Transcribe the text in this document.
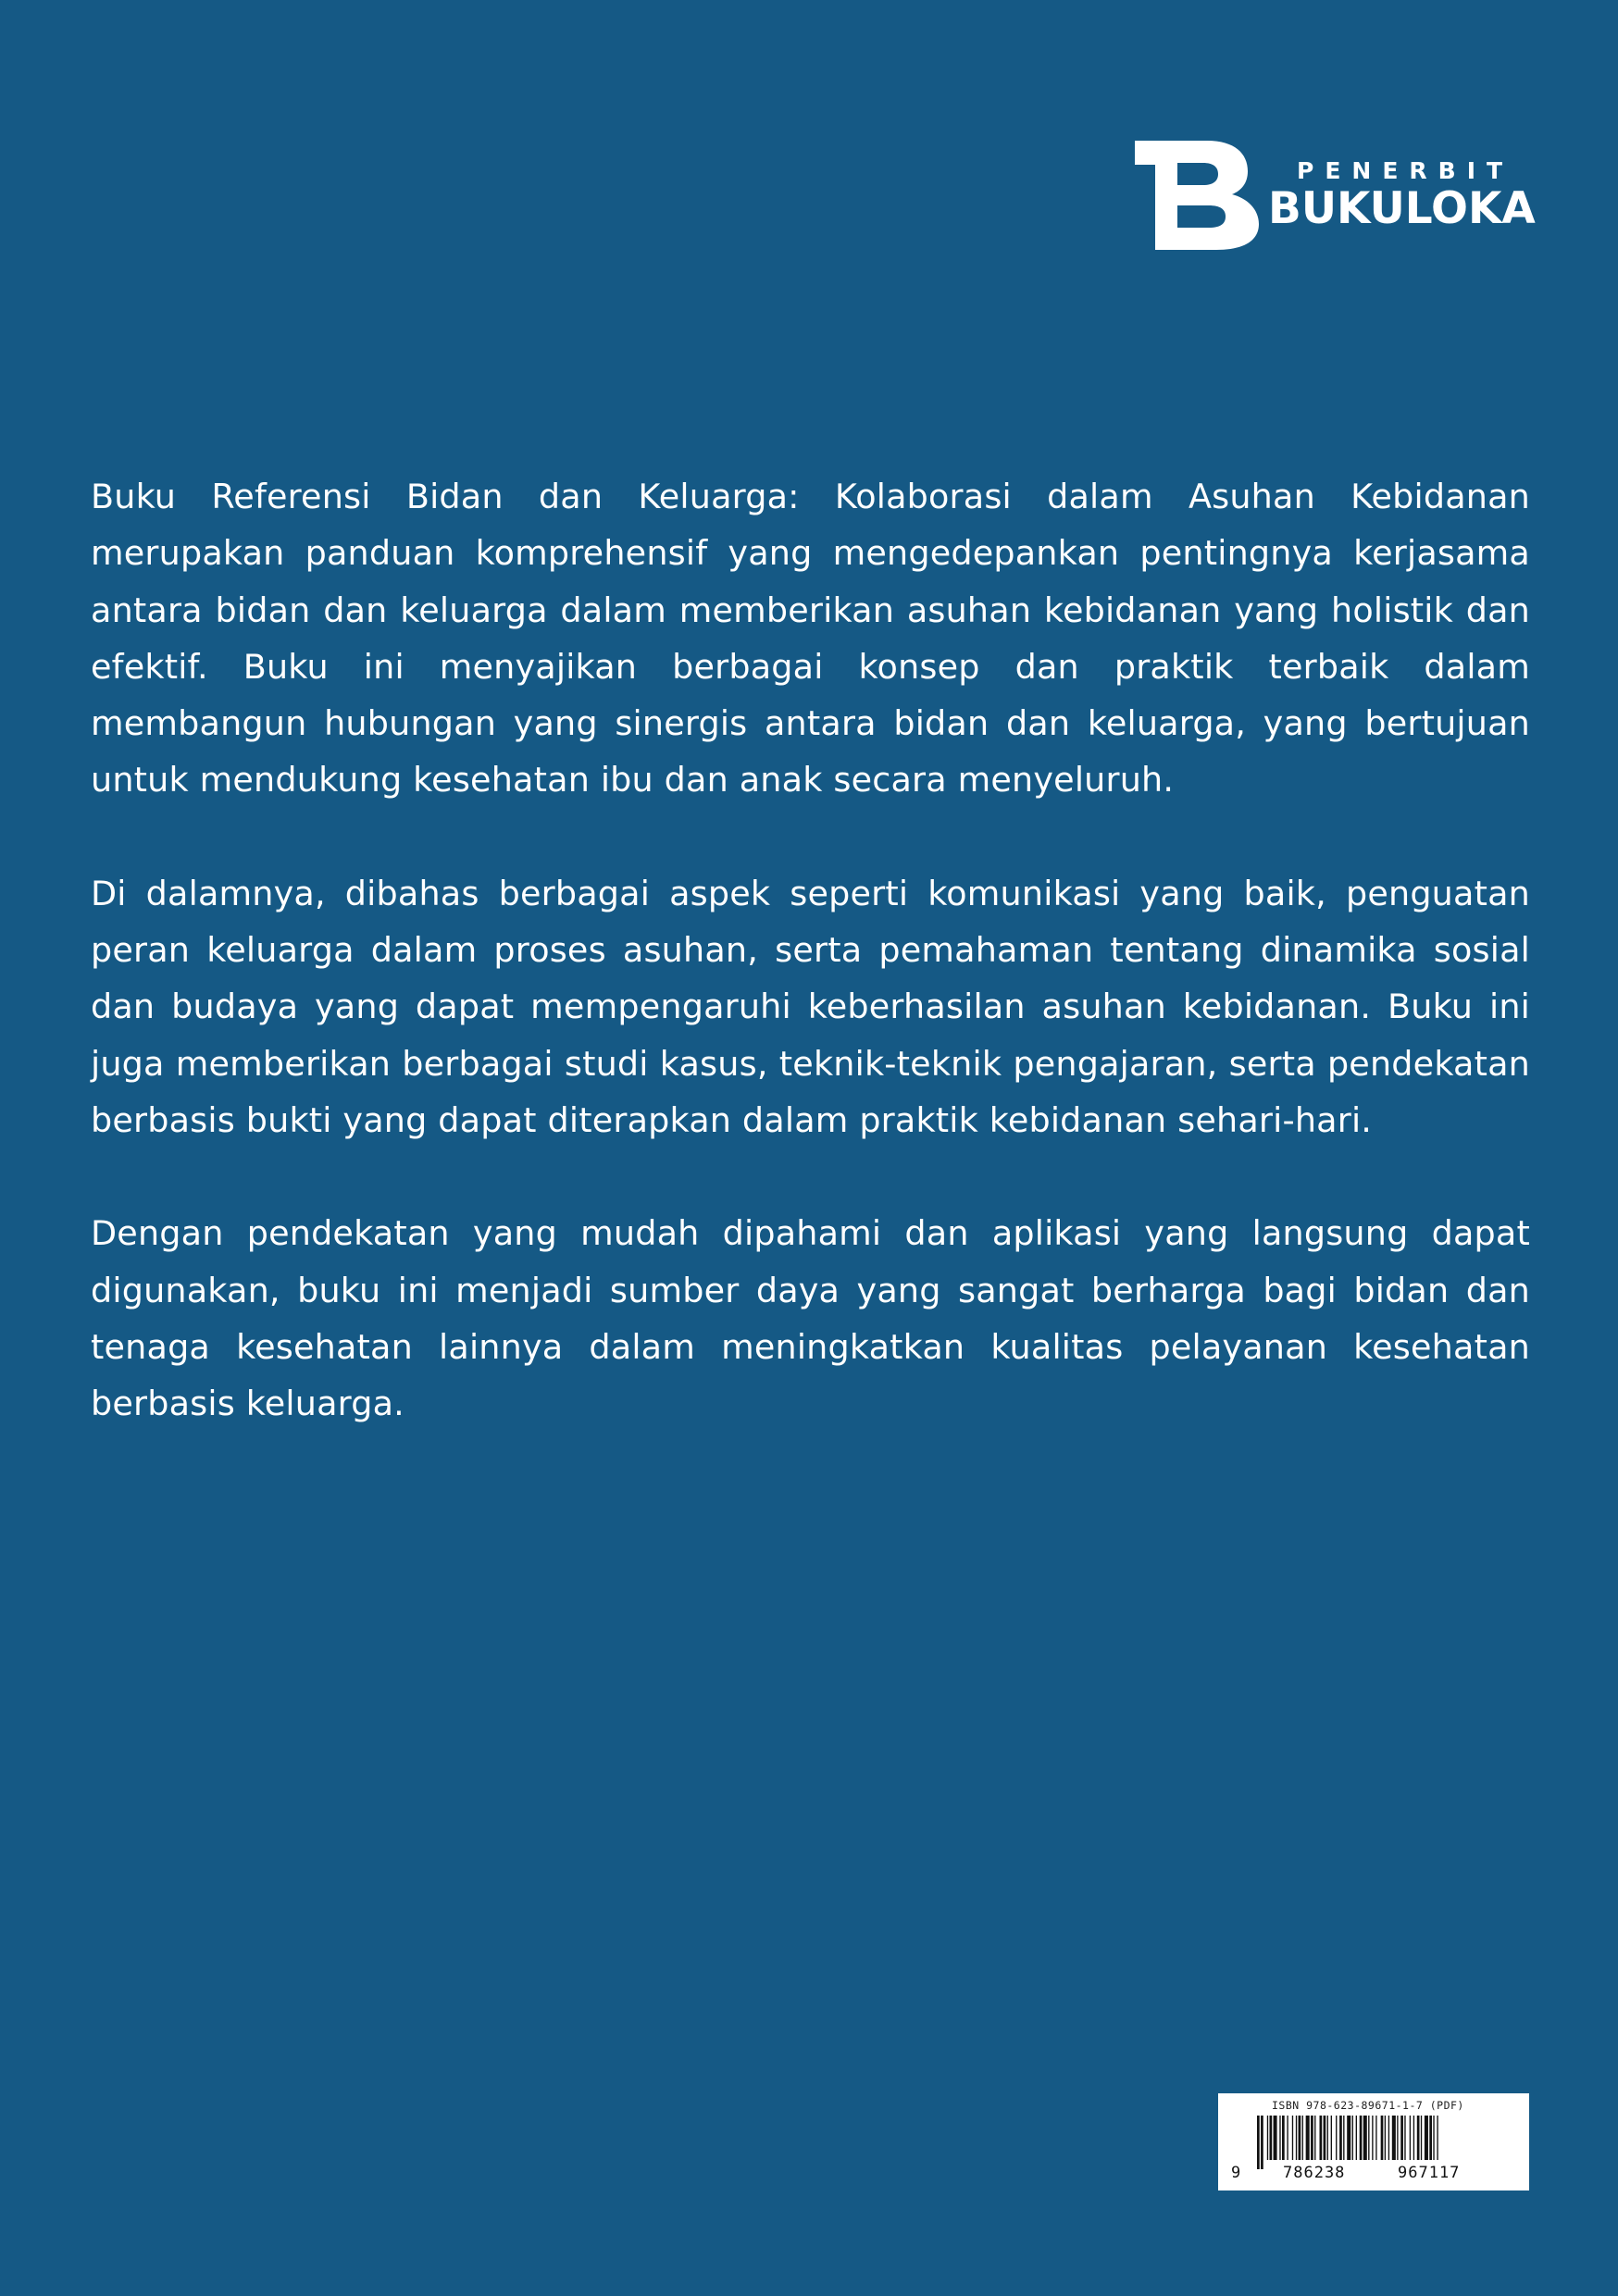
PENERBIT
BUKULOKA

Buku Referensi Bidan dan Keluarga: Kolaborasi dalam Asuhan Kebidanan merupakan panduan komprehensif yang mengedepankan pentingnya kerjasama antara bidan dan keluarga dalam memberikan asuhan kebidanan yang holistik dan efektif. Buku ini menyajikan berbagai konsep dan praktik terbaik dalam membangun hubungan yang sinergis antara bidan dan keluarga, yang bertujuan untuk mendukung kesehatan ibu dan anak secara menyeluruh.

Di dalamnya, dibahas berbagai aspek seperti komunikasi yang baik, penguatan peran keluarga dalam proses asuhan, serta pemahaman tentang dinamika sosial dan budaya yang dapat mempengaruhi keberhasilan asuhan kebidanan. Buku ini juga memberikan berbagai studi kasus, teknik-teknik pengajaran, serta pendekatan berbasis bukti yang dapat diterapkan dalam praktik kebidanan sehari-hari.

Dengan pendekatan yang mudah dipahami dan aplikasi yang langsung dapat digunakan, buku ini menjadi sumber daya yang sangat berharga bagi bidan dan tenaga kesehatan lainnya dalam meningkatkan kualitas pelayanan kesehatan berbasis keluarga.

ISBN 978-623-89671-1-7 (PDF)
9	786238	967117
